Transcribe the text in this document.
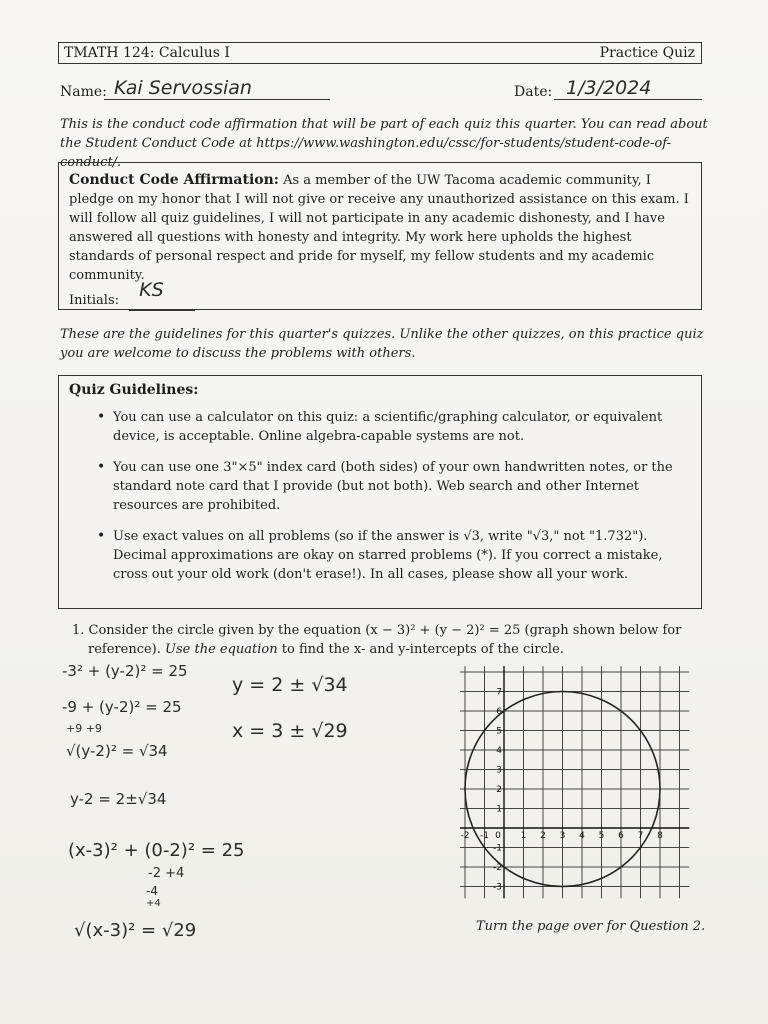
TMATH 124: Calculus I	Practice Quiz
Name: Kai Servossian	Date: 1/3/2024
This is the conduct code affirmation that will be part of each quiz this quarter. You can read about the Student Conduct Code at https://www.washington.edu/cssc/for-students/student-code-of-conduct/.
Conduct Code Affirmation: As a member of the UW Tacoma academic community, I pledge on my honor that I will not give or receive any unauthorized assistance on this exam. I will follow all quiz guidelines, I will not participate in any academic dishonesty, and I have answered all questions with honesty and integrity. My work here upholds the highest standards of personal respect and pride for myself, my fellow students and my academic community.
Initials: KS

These are the guidelines for this quarter's quizzes. Unlike the other quizzes, on this practice quiz you are welcome to discuss the problems with others.
Quiz Guidelines:
• You can use a calculator on this quiz: a scientific/graphing calculator, or equivalent device, is acceptable. Online algebra-capable systems are not.
• You can use one 3"×5" index card (both sides) of your own handwritten notes, or the standard note card that I provide (but not both). Web search and other Internet resources are prohibited.
• Use exact values on all problems (so if the answer is √3, write "√3," not "1.732"). Decimal approximations are okay on starred problems (*). If you correct a mistake, cross out your old work (don't erase!). In all cases, please show all your work.
1. Consider the circle given by the equation (x − 3)² + (y − 2)² = 25 (graph shown below for
reference). Use the equation to find the x- and y-intercepts of the circle.
-3² + (y-2)² = 25
-9 + (y-2)² = 25
+9 +9
√(y-2)² = √34
y-2 = 2±√34
(x-3)² + (0-2)² = 25
-2 +4
-4
+4
√(x-3)² = √29
y = 2 ± √34
x = 3 ± √29
-2 -1 0 1 2 3 4 5 6 7 8
7
6
5
4
3
2
1
-1
-2
-3
Turn the page over for Question 2.
